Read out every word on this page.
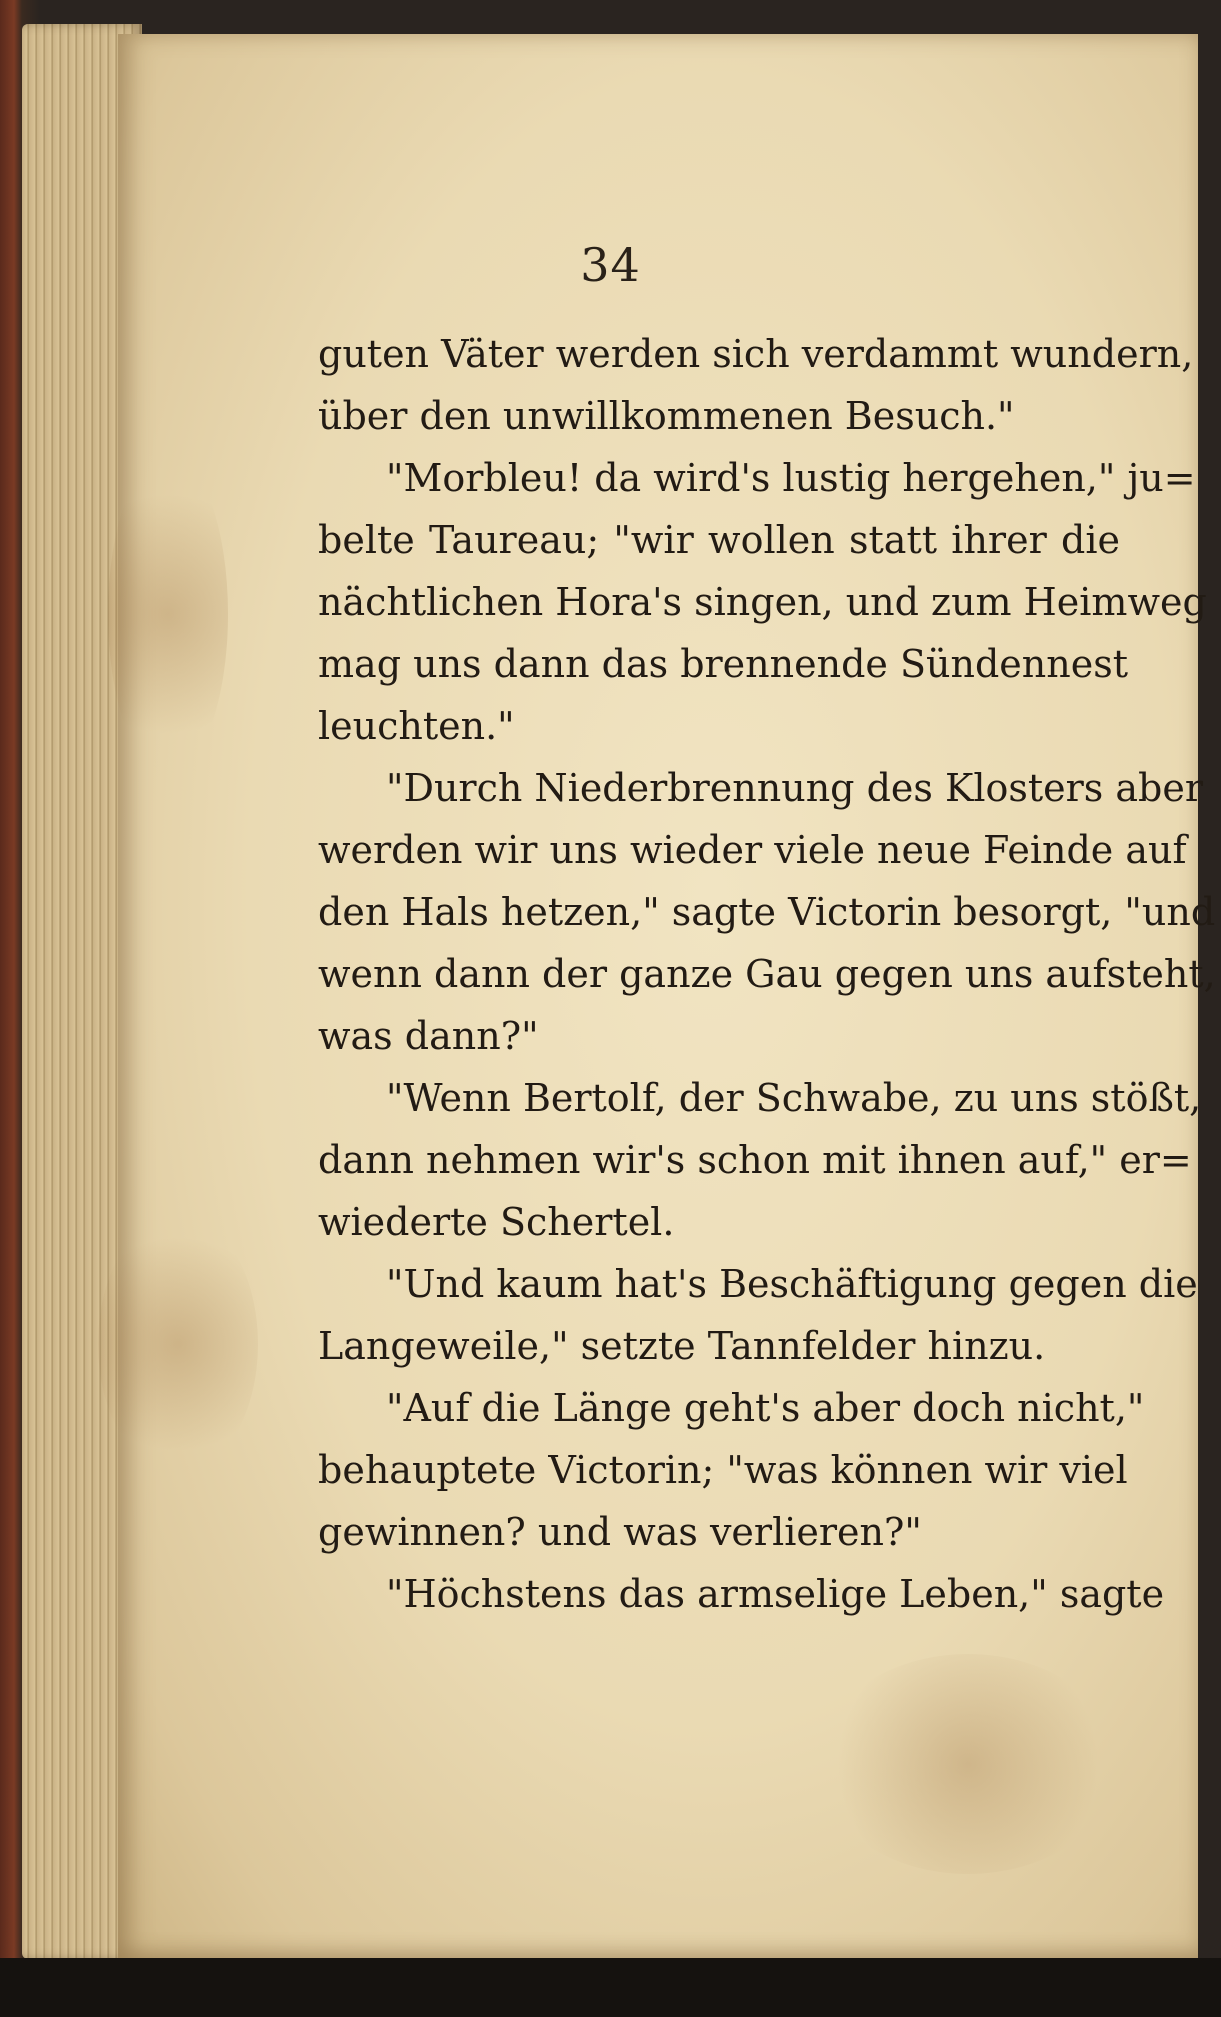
34
guten Väter werden sich verdammt wundern,
über den unwillkommenen Besuch."
"Morbleu! da wird's lustig hergehen," ju=
belte Taureau; "wir wollen statt ihrer die
nächtlichen Hora's singen, und zum Heimweg
mag uns dann das brennende Sündennest
leuchten."
"Durch Niederbrennung des Klosters aber
werden wir uns wieder viele neue Feinde auf
den Hals hetzen," sagte Victorin besorgt, "und
wenn dann der ganze Gau gegen uns aufsteht,
was dann?"
"Wenn Bertolf, der Schwabe, zu uns stößt,
dann nehmen wir's schon mit ihnen auf," er=
wiederte Schertel.
"Und kaum hat's Beschäftigung gegen die
Langeweile," setzte Tannfelder hinzu.
"Auf die Länge geht's aber doch nicht,"
behauptete Victorin; "was können wir viel
gewinnen? und was verlieren?"
"Höchstens das armselige Leben," sagte
